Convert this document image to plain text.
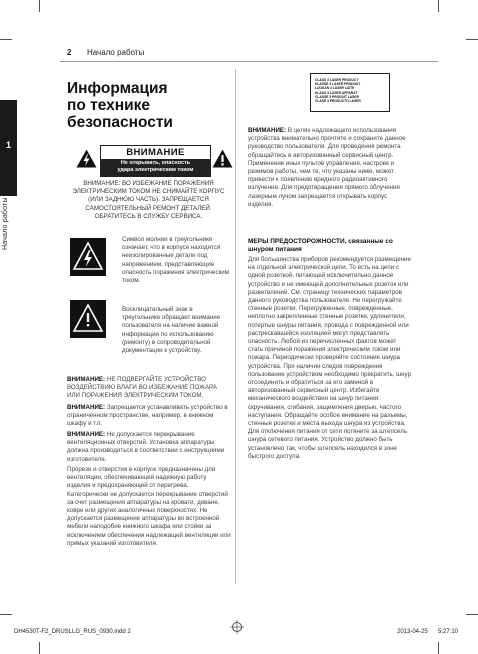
1
Начало работы
2 Начало работы
Информация
по технике
безопасности
ВНИМАНИЕ
Не открывать, опасность
удара электрическим током
ВНИМАНИЕ: ВО ИЗБЕЖАНИЕ ПОРАЖЕНИЯ ЭЛЕКТРИЧЕСКИМ ТОКОМ НЕ СНИМАЙТЕ КОРПУС (ИЛИ ЗАДНЮЮ ЧАСТЬ). ЗАПРЕЩАЕТСЯ САМОСТОЯТЕЛЬНЫЙ РЕМОНТ ДЕТАЛЕЙ. ОБРАТИТЕСЬ В СЛУЖБУ СЕРВИСА.
Символ молнии в треугольнике означает, что в корпусе находятся неизолированные детали под напряжением, представляющие опасность поражения электрическим током.
Восклицательный знак в треугольнике обращает внимание пользователя на наличие важной информации по использованию (ремонту) в сопроводительной документации к устройству.

ВНИМАНИЕ: НЕ ПОДВЕРГАЙТЕ УСТРОЙСТВО ВОЗДЕЙСТВИЮ ВЛАГИ ВО ИЗБЕЖАНИЕ ПОЖАРА ИЛИ ПОРАЖЕНИЯ ЭЛЕКТРИЧЕСКИМ ТОКОМ.

ВНИМАНИЕ: Запрещается устанавливать устройство в ограниченном пространстве, например, в книжном шкафу и т.п.

ВНИМАНИЕ: Не допускается перекрывание вентиляционных отверстий. Установка аппаратуры должна производиться в соответствии с инструкциями изготовителя.

Прорези и отверстия в корпусе предназначены для вентиляции, обеспечивающей надежную работу изделия и предохраняющей от перегрева. Категорически не допускается перекрывание отверстий за счет размещения аппаратуры на кровати, диване, ковре или других аналогичных поверхностях. Не допускается размещение аппаратуры во встроенной мебели наподобие книжного шкафа или стойки за исключением обеспечения надлежащей вентиляции или прямых указаний изготовителя.

CLASS 3 LASER PRODUCT
KLASSE 3 LASER PRODUKT
LUOKAN 3 LASER LAITE
KLASS 3 LASER APPARAT
CLASSE 3 PRODUIT LASER
CLASE 3 PRODUCTO LÁSER

ВНИМАНИЕ: В целях надлежащего использования устройства внимательно прочтите и сохраните данное руководство пользователя. Для проведения ремонта обращайтесь в авторизованный сервисный центр. Применение иных пультов управления, настроек и режимов работы, чем те, что указаны ниже, может привести к появлению вредного радиоактивного излучения. Для предотвращения прямого облучения лазерным лучом запрещается открывать корпус изделия.

МЕРЫ ПРЕДОСТОРОЖНОСТИ, связанные со шнуром питания

Для большинства приборов рекомендуется размещение на отдельной электрической цепи. То есть на цепи с одной розеткой, питающей исключительно данное устройство и не имеющей дополнительных розеток или разветвлений. См. страницу технических параметров данного руководства пользователя. Не перегружайте стенные розетки. Перегруженные, поврежденные, неплотно закрепленные стенные розетки, удлинители, потертые шнуры питания, провода с поврежденной или растрескавшейся изоляцией могут представлять опасность. Любой из перечисленных фактов может стать причиной поражения электрическим током или пожара. Периодически проверяйте состояние шнура устройства. При наличии следов повреждения пользование устройством необходимо прекратить, шнур отсоединить и обратиться за его заменой в авторизованный сервисный центр. Избегайте механического воздействия на шнур питания: скручивания, сгибания, защемления дверью, частого наступания. Обращайте особое внимание на разъемы, стенные розетки и места выхода шнура из устройства. Для отключения питания от сети потяните за штепсель шнура сетевого питания. Устройство должно быть установлено так, чтобы штепсель находился в зоне быстрого доступа.

DH4530T-F2_DRUSLLG_RUS_0930.indd 2	2013-04-25 5:27:10
